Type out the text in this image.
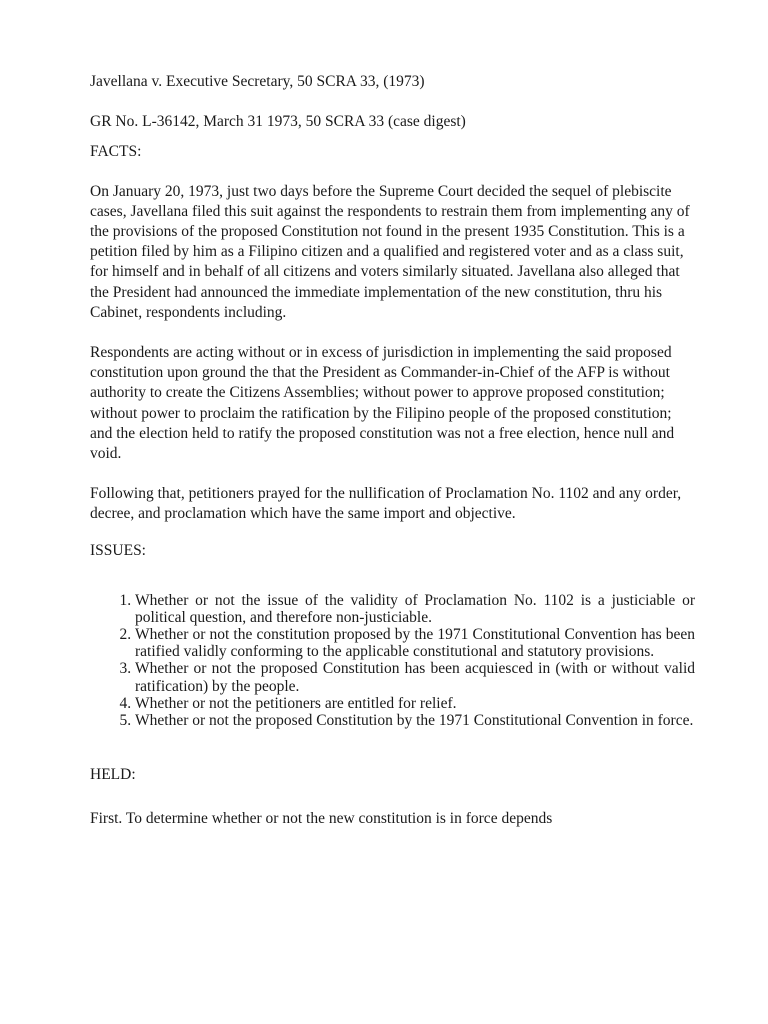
Javellana v. Executive Secretary, 50 SCRA 33, (1973)

GR No. L-36142, March 31 1973, 50 SCRA 33 (case digest)

FACTS:

On January 20, 1973, just two days before the Supreme Court decided the sequel of plebiscite cases, Javellana filed this suit against the respondents to restrain them from implementing any of the provisions of the proposed Constitution not found in the present 1935 Constitution. This is a petition filed by him as a Filipino citizen and a qualified and registered voter and as a class suit, for himself and in behalf of all citizens and voters similarly situated. Javellana also alleged that the President had announced the immediate implementation of the new constitution, thru his Cabinet, respondents including.

Respondents are acting without or in excess of jurisdiction in implementing the said proposed constitution upon ground the that the President as Commander-in-Chief of the AFP is without authority to create the Citizens Assemblies; without power to approve proposed constitution; without power to proclaim the ratification by the Filipino people of the proposed constitution; and the election held to ratify the proposed constitution was not a free election, hence null and void.

Following that, petitioners prayed for the nullification of Proclamation No. 1102 and any order, decree, and proclamation which have the same import and objective.

ISSUES:

1. Whether or not the issue of the validity of Proclamation No. 1102 is a justiciable or political question, and therefore non-justiciable.
2. Whether or not the constitution proposed by the 1971 Constitutional Convention has been ratified validly conforming to the applicable constitutional and statutory provisions.
3. Whether or not the proposed Constitution has been acquiesced in (with or without valid ratification) by the people.
4. Whether or not the petitioners are entitled for relief.
5. Whether or not the proposed Constitution by the 1971 Constitutional Convention in force.

HELD:

First. To determine whether or not the new constitution is in force depends
